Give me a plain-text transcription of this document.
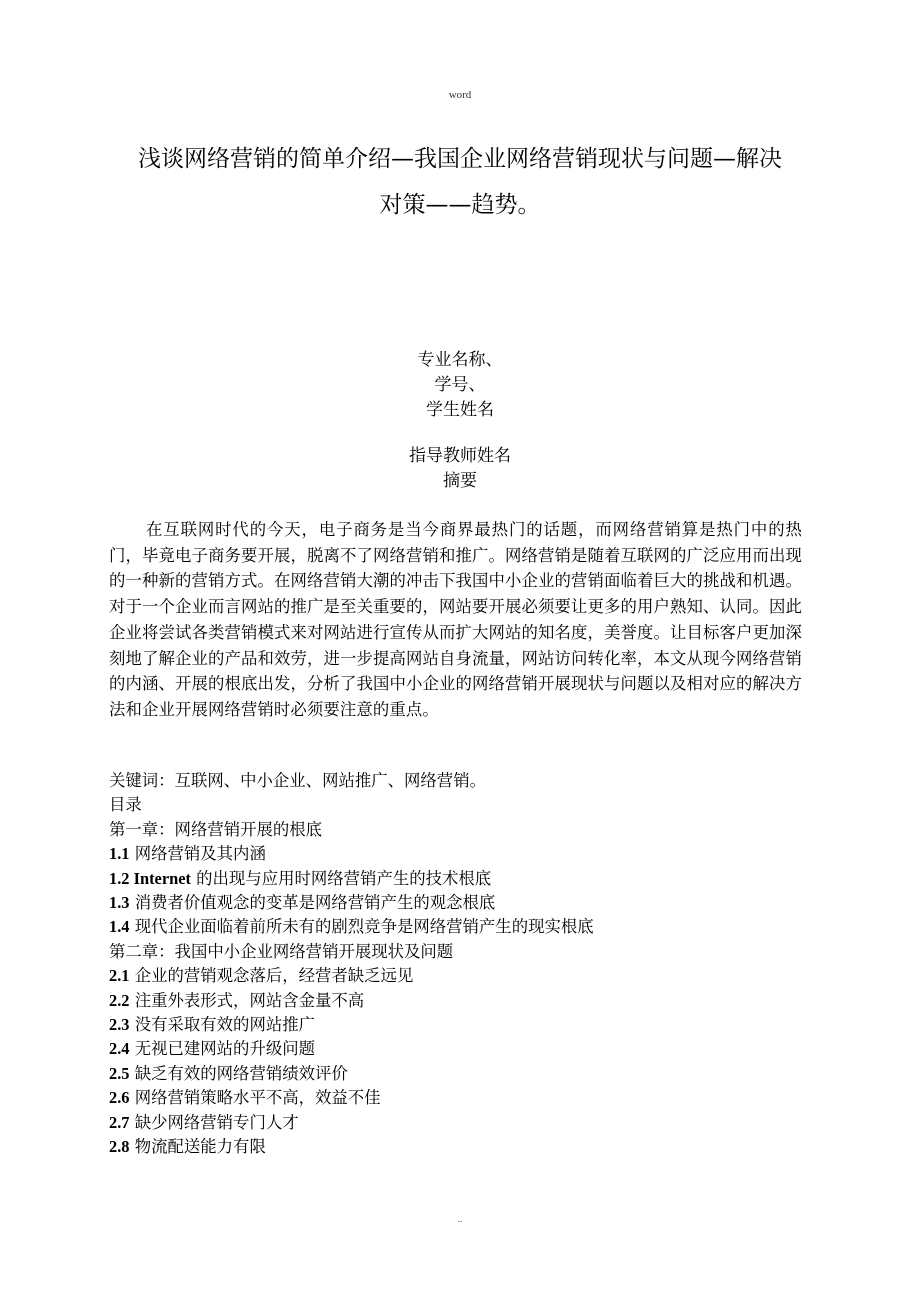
word
浅谈网络营销的简单介绍—我国企业网络营销现状与问题—解决
对策——趋势。
专业名称、
学号、
学生姓名
指导教师姓名
摘要
在互联网时代的今天，电子商务是当今商界最热门的话题，而网络营销算是热门中的热门，毕竟电子商务要开展，脱离不了网络营销和推广。网络营销是随着互联网的广泛应用而出现的一种新的营销方式。在网络营销大潮的冲击下我国中小企业的营销面临着巨大的挑战和机遇。对于一个企业而言网站的推广是至关重要的，网站要开展必须要让更多的用户熟知、认同。因此企业将尝试各类营销模式来对网站进行宣传从而扩大网站的知名度，美誉度。让目标客户更加深刻地了解企业的产品和效劳，进一步提高网站自身流量，网站访问转化率，本文从现今网络营销的内涵、开展的根底出发，分析了我国中小企业的网络营销开展现状与问题以及相对应的解决方法和企业开展网络营销时必须要注意的重点。
关键词：互联网、中小企业、网站推广、网络营销。
目录
第一章：网络营销开展的根底
1.1 网络营销及其内涵
1.2 Internet 的出现与应用时网络营销产生的技术根底
1.3 消费者价值观念的变革是网络营销产生的观念根底
1.4 现代企业面临着前所未有的剧烈竞争是网络营销产生的现实根底
第二章：我国中小企业网络营销开展现状及问题
2.1 企业的营销观念落后，经营者缺乏远见
2.2 注重外表形式，网站含金量不高
2.3 没有采取有效的网站推广
2.4 无视已建网站的升级问题
2.5 缺乏有效的网络营销绩效评价
2.6 网络营销策略水平不高，效益不佳
2.7 缺少网络营销专门人才
2.8 物流配送能力有限
..
